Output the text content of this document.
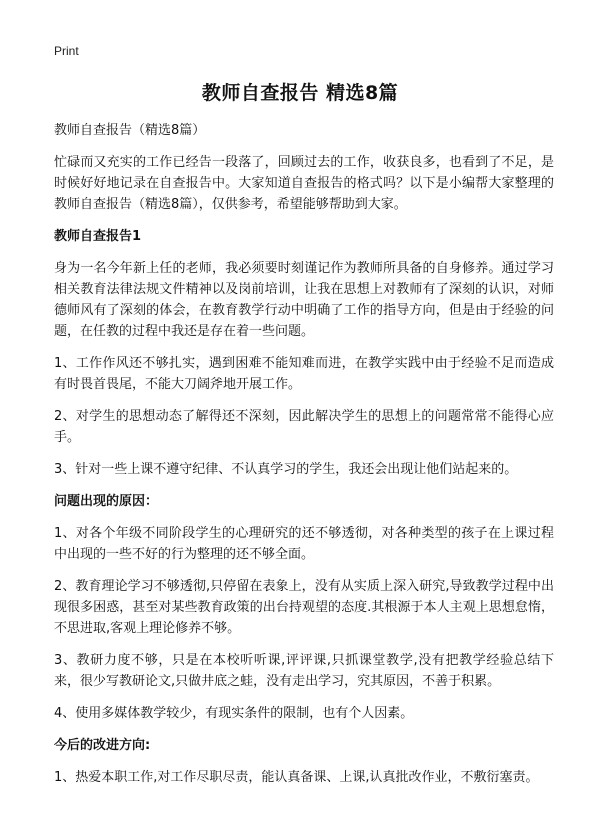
Print
教师自查报告 精选8篇

教师自查报告（精选8篇）

忙碌而又充实的工作已经告一段落了，回顾过去的工作，收获良多，也看到了不足，是时候好好地记录在自查报告中。大家知道自查报告的格式吗？以下是小编帮大家整理的教师自查报告（精选8篇），仅供参考，希望能够帮助到大家。

教师自查报告1

身为一名今年新上任的老师，我必须要时刻谨记作为教师所具备的自身修养。通过学习相关教育法律法规文件精神以及岗前培训，让我在思想上对教师有了深刻的认识，对师德师风有了深刻的体会，在教育教学行动中明确了工作的指导方向，但是由于经验的问题，在任教的过程中我还是存在着一些问题。

1、工作作风还不够扎实，遇到困难不能知难而进，在教学实践中由于经验不足而造成有时畏首畏尾，不能大刀阔斧地开展工作。

2、对学生的思想动态了解得还不深刻，因此解决学生的思想上的问题常常不能得心应手。

3、针对一些上课不遵守纪律、不认真学习的学生，我还会出现让他们站起来的。

问题出现的原因：

1、对各个年级不同阶段学生的心理研究的还不够透彻，对各种类型的孩子在上课过程中出现的一些不好的行为整理的还不够全面。

2、教育理论学习不够透彻,只停留在表象上，没有从实质上深入研究,导致教学过程中出现很多困惑，甚至对某些教育政策的出台持观望的态度.其根源于本人主观上思想怠惰，不思进取,客观上理论修养不够。

3、教研力度不够，只是在本校听听课,评评课,只抓课堂教学,没有把教学经验总结下来，很少写教研论文,只做井底之蛙，没有走出学习，究其原因，不善于积累。

4、使用多媒体教学较少，有现实条件的限制，也有个人因素。

今后的改进方向:

1、热爱本职工作,对工作尽职尽责，能认真备课、上课,认真批改作业，不敷衍塞责。
